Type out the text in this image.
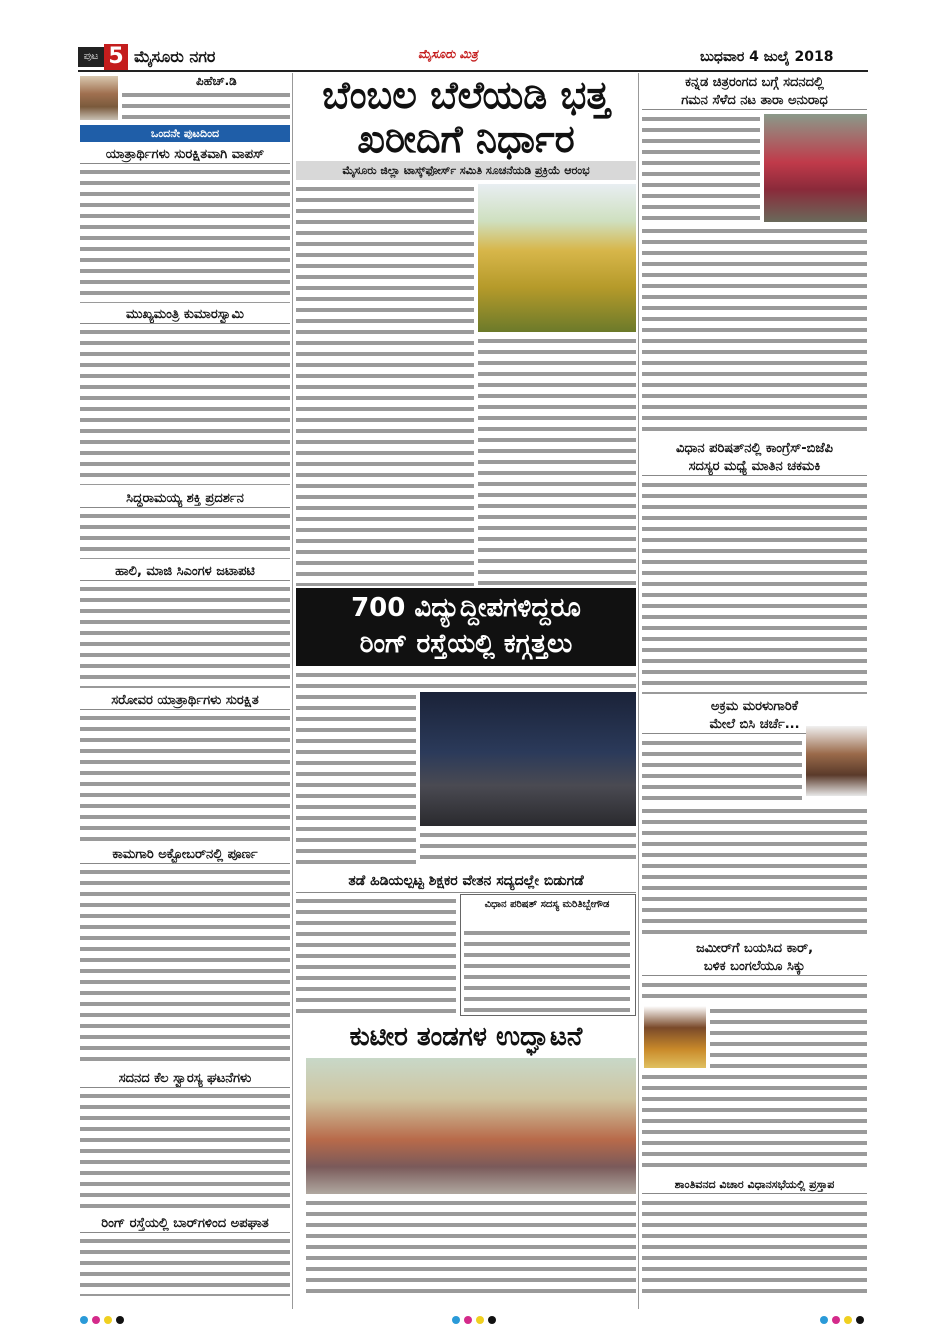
ಪುಟ 5 ಮೈಸೂರು ನಗರ	ಮೈಸೂರು ಮಿತ್ರ	ಬುಧವಾರ 4 ಜುಲೈ 2018
ಪಿಹೆಚ್.ಡಿ
ಒಂದನೇ ಪುಟದಿಂದ
ಯಾತ್ರಾರ್ಥಿಗಳು ಸುರಕ್ಷಿತವಾಗಿ ವಾಪಸ್
ಮುಖ್ಯಮಂತ್ರಿ ಕುಮಾರಸ್ವಾಮಿ
ಸಿದ್ಧರಾಮಯ್ಯ ಶಕ್ತಿ ಪ್ರದರ್ಶನ
ಹಾಲಿ, ಮಾಜಿ ಸಿಎಂಗಳ ಜಟಾಪಟಿ
ಸರೋವರ ಯಾತ್ರಾರ್ಥಿಗಳು ಸುರಕ್ಷಿತ
ಕಾಮಗಾರಿ ಅಕ್ಟೋಬರ್‌ನಲ್ಲಿ ಪೂರ್ಣ
ಸದನದ ಕೆಲ ಸ್ವಾರಸ್ಯ ಘಟನೆಗಳು
ರಿಂಗ್ ರಸ್ತೆಯಲ್ಲಿ ಬಾರ್‌ಗಳಿಂದ ಅಪಘಾತ
ಬೆಂಬಲ ಬೆಲೆಯಡಿ ಭತ್ತ
ಖರೀದಿಗೆ ನಿರ್ಧಾರ
ಮೈಸೂರು ಜಿಲ್ಲಾ ಟಾಸ್ಕ್‌ಫೋರ್ಸ್ ಸಮಿತಿ ಸೂಚನೆಯಡಿ ಪ್ರಕ್ರಿಯೆ ಆರಂಭ
700 ವಿದ್ಯುದ್ದೀಪಗಳಿದ್ದರೂ
ರಿಂಗ್ ರಸ್ತೆಯಲ್ಲಿ ಕಗ್ಗತ್ತಲು
ತಡೆ ಹಿಡಿಯಲ್ಪಟ್ಟ ಶಿಕ್ಷಕರ ವೇತನ ಸದ್ಯದಲ್ಲೇ ಬಿಡುಗಡೆ
ವಿಧಾನ ಪರಿಷತ್ ಸದಸ್ಯ ಮರಿತಿಬ್ಬೇಗೌಡ
ಕುಟೀರ ತಂಡಗಳ ಉದ್ಘಾಟನೆ
ಕನ್ನಡ ಚಿತ್ರರಂಗದ ಬಗ್ಗೆ ಸದನದಲ್ಲಿ
ಗಮನ ಸೆಳೆದ ನಟ ತಾರಾ ಅನುರಾಧ
ವಿಧಾನ ಪರಿಷತ್‌ನಲ್ಲಿ ಕಾಂಗ್ರೆಸ್-ಬಿಜೆಪಿ
ಸದಸ್ಯರ ಮಧ್ಯೆ ಮಾತಿನ ಚಕಮಕಿ
ಅಕ್ರಮ ಮರಳುಗಾರಿಕೆ
ಮೇಲೆ ಬಿಸಿ ಚರ್ಚೆ...
ಜಮೀರ್‌ಗೆ ಬಯಸಿದ ಕಾರ್,
ಬಳಿಕ ಬಂಗಲೆಯೂ ಸಿಕ್ಕು
ಶಾಂತಿವನದ ವಿಚಾರ ವಿಧಾನಸಭೆಯಲ್ಲಿ ಪ್ರಸ್ತಾಪ
